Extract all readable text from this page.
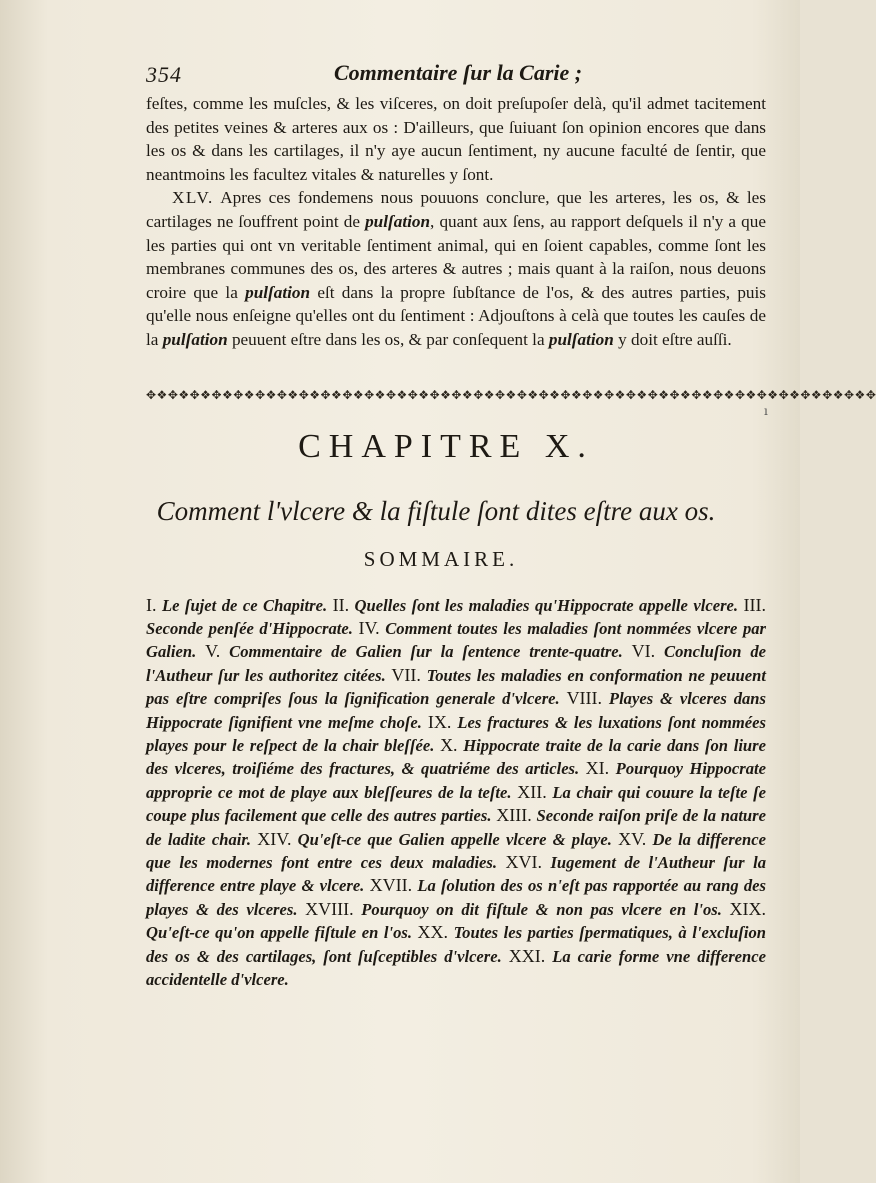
354	Commentaire ſur la Carie ;

feſtes, comme les muſcles, & les viſceres, on doit preſupoſer delà, qu'il admet tacitement des petites veines & arteres aux os : D'ailleurs, que ſuiuant ſon opinion encores que dans les os & dans les cartilages, il n'y aye aucun ſentiment, ny aucune faculté de ſentir, que neantmoins les facultez vitales & naturelles y ſont.

XLV. Apres ces fondemens nous pouuons conclure, que les arteres, les os, & les cartilages ne ſouffrent point de pulſation, quant aux ſens, au rapport deſquels il n'y a que les parties qui ont vn veritable ſentiment animal, qui en ſoient capables, comme ſont les membranes communes des os, des arteres & autres ; mais quant à la raiſon, nous deuons croire que la pulſation eſt dans la propre ſubſtance de l'os, & des autres parties, puis qu'elle nous enſeigne qu'elles ont du ſentiment : Adjouſtons à celà que toutes les cauſes de la pulſation peuuent eſtre dans les os, & par conſequent la pulſation y doit eſtre auſſi.

✥❖✥❖✥❖✥❖✥❖✥❖✥❖✥❖✥❖✥❖✥❖✥❖✥❖✥❖✥❖✥❖✥❖✥❖✥❖✥❖✥❖✥❖✥❖✥❖✥❖✥❖✥❖✥❖✥❖✥❖✥❖✥❖✥❖✥
CHAPITRE X.
Comment l'vlcere & la fiſtule ſont dites eſtre aux os.
SOMMAIRE.
I. Le ſujet de ce Chapitre. II. Quelles ſont les maladies qu'Hippocrate appelle vlcere. III. Seconde penſée d'Hippocrate. IV. Comment toutes les maladies ſont nommées vlcere par Galien. V. Commentaire de Galien ſur la ſentence trente-quatre. VI. Concluſion de l'Autheur ſur les authoritez citées. VII. Toutes les maladies en conformation ne peuuent pas eſtre compriſes ſous la ſignification generale d'vlcere. VIII. Playes & vlceres dans Hippocrate ſignifient vne meſme choſe. IX. Les fractures & les luxations ſont nommées playes pour le reſpect de la chair bleſſée. X. Hippocrate traite de la carie dans ſon liure des vlceres, troiſiéme des fractures, & quatriéme des articles. XI. Pourquoy Hippocrate approprie ce mot de playe aux bleſſeures de la teſte. XII. La chair qui couure la teſte ſe coupe plus facilement que celle des autres parties. XIII. Seconde raiſon priſe de la nature de ladite chair. XIV. Qu'eſt-ce que Galien appelle vlcere & playe. XV. De la difference que les modernes font entre ces deux maladies. XVI. Iugement de l'Autheur ſur la difference entre playe & vlcere. XVII. La ſolution des os n'eſt pas rapportée au rang des playes & des vlceres. XVIII. Pourquoy on dit fiſtule & non pas vlcere en l'os. XIX. Qu'eſt-ce qu'on appelle fiſtule en l'os. XX. Toutes les parties ſpermatiques, à l'excluſion des os & des cartilages, ſont ſuſceptibles d'vlcere. XXI. La carie forme vne difference accidentelle d'vlcere.
ı
